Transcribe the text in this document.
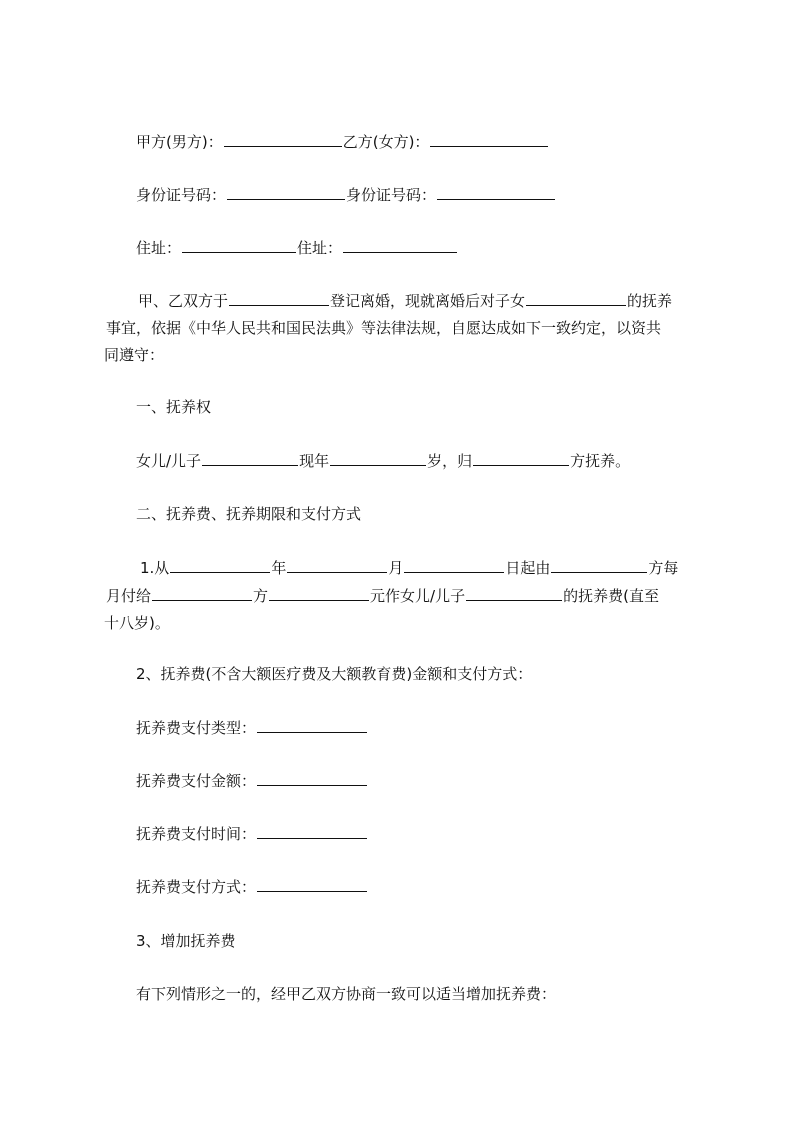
甲方(男方)：	乙方(女方)：
身份证号码：	身份证号码：
住址：	住址：
甲、乙双方于	登记离婚，现就离婚后对子女	的抚养
事宜，依据《中华人民共和国民法典》等法律法规，自愿达成如下一致约定，以资共
同遵守：
一、抚养权
女儿/儿子	现年	岁，归	方抚养。
二、抚养费、抚养期限和支付方式
1.从	年	月	日起由	方每
月付给	方	元作女儿/儿子	的抚养费(直至
十八岁)。
2、抚养费(不含大额医疗费及大额教育费)金额和支付方式：
抚养费支付类型：
抚养费支付金额：
抚养费支付时间：
抚养费支付方式：
3、增加抚养费
有下列情形之一的，经甲乙双方协商一致可以适当增加抚养费：
